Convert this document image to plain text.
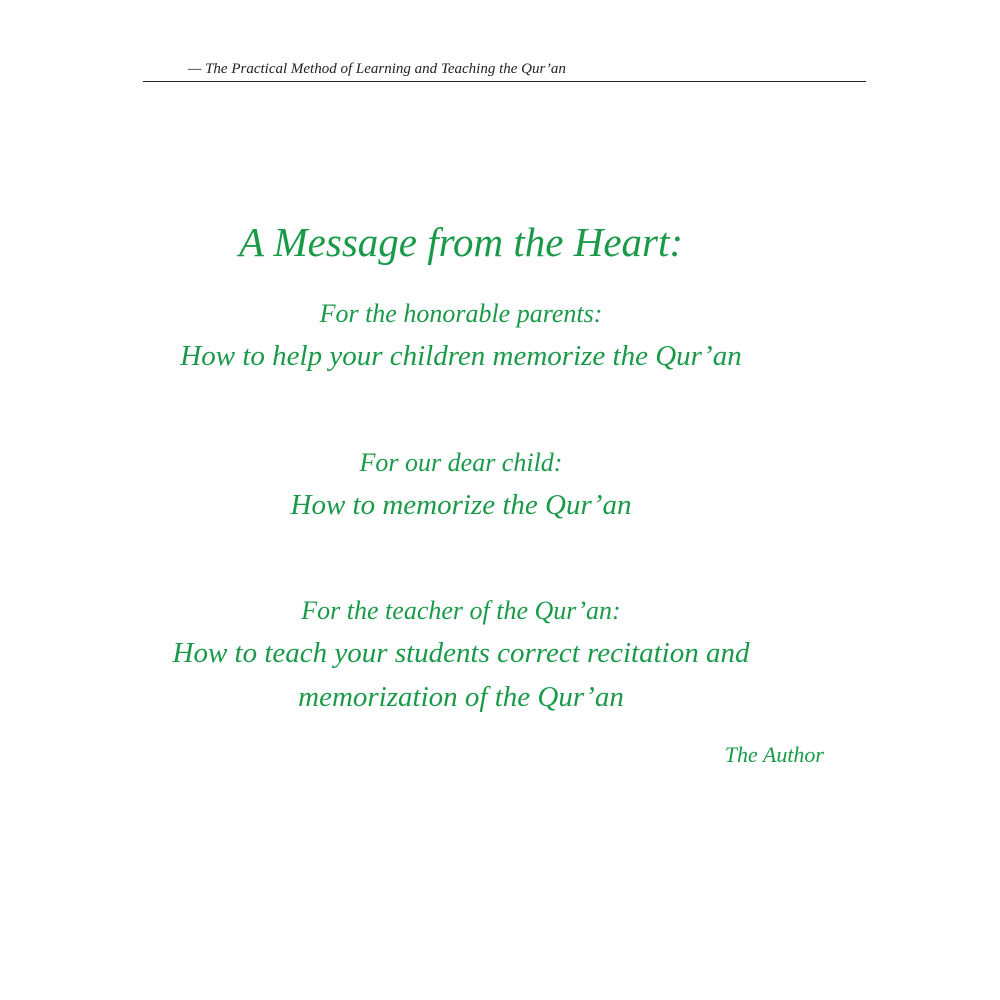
— The Practical Method of Learning and Teaching the Qur’an
A Message from the Heart:
For the honorable parents:
How to help your children memorize the Qur’an
For our dear child:
How to memorize the Qur’an
For the teacher of the Qur’an:
How to teach your students correct recitation and
memorization of the Qur’an
The Author
